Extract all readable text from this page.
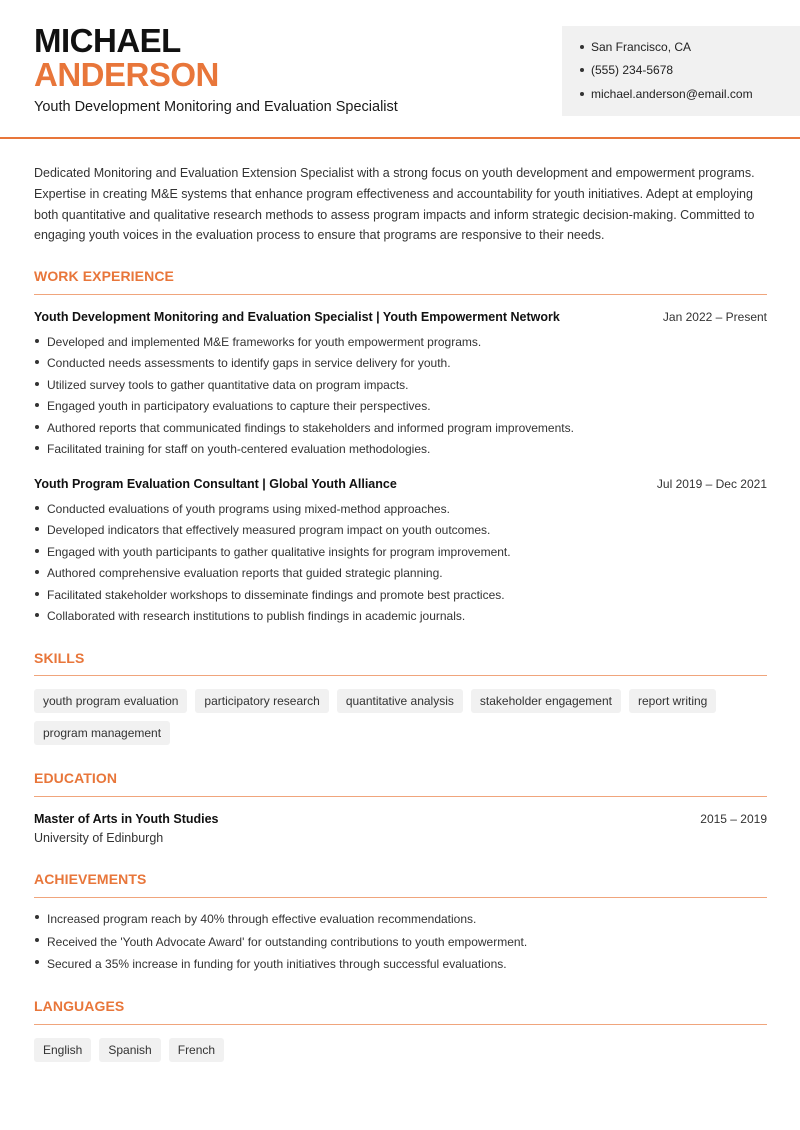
MICHAEL
ANDERSON
Youth Development Monitoring and Evaluation Specialist
San Francisco, CA
(555) 234-5678
michael.anderson@email.com

Dedicated Monitoring and Evaluation Extension Specialist with a strong focus on youth development and empowerment programs. Expertise in creating M&E systems that enhance program effectiveness and accountability for youth initiatives. Adept at employing both quantitative and qualitative research methods to assess program impacts and inform strategic decision-making. Committed to engaging youth voices in the evaluation process to ensure that programs are responsive to their needs.

WORK EXPERIENCE
Youth Development Monitoring and Evaluation Specialist | Youth Empowerment Network	Jan 2022 – Present
Developed and implemented M&E frameworks for youth empowerment programs.
Conducted needs assessments to identify gaps in service delivery for youth.
Utilized survey tools to gather quantitative data on program impacts.
Engaged youth in participatory evaluations to capture their perspectives.
Authored reports that communicated findings to stakeholders and informed program improvements.
Facilitated training for staff on youth-centered evaluation methodologies.
Youth Program Evaluation Consultant | Global Youth Alliance	Jul 2019 – Dec 2021
Conducted evaluations of youth programs using mixed-method approaches.
Developed indicators that effectively measured program impact on youth outcomes.
Engaged with youth participants to gather qualitative insights for program improvement.
Authored comprehensive evaluation reports that guided strategic planning.
Facilitated stakeholder workshops to disseminate findings and promote best practices.
Collaborated with research institutions to publish findings in academic journals.
SKILLS
youth program evaluation	participatory research	quantitative analysis	stakeholder engagement	report writing
program management
EDUCATION
Master of Arts in Youth Studies	2015 – 2019
University of Edinburgh
ACHIEVEMENTS
Increased program reach by 40% through effective evaluation recommendations.
Received the 'Youth Advocate Award' for outstanding contributions to youth empowerment.
Secured a 35% increase in funding for youth initiatives through successful evaluations.
LANGUAGES
English	Spanish	French
